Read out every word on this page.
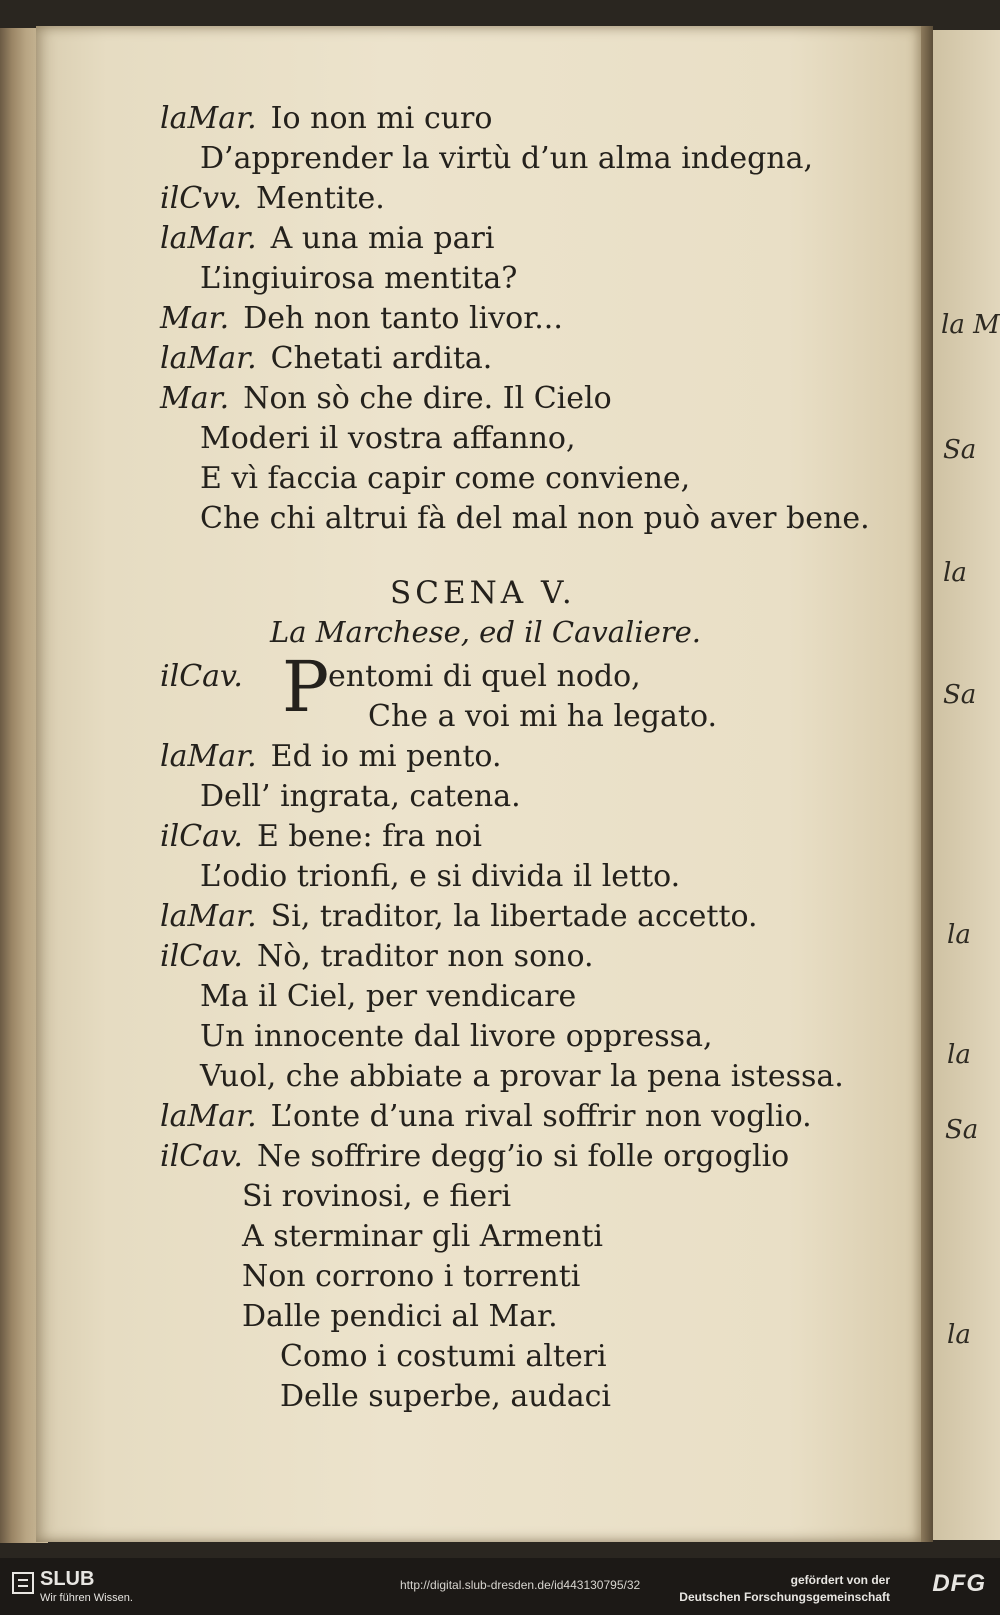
la M
Sa
la
Sa
la
la
Sa
la
laMar. Io non mi curo
D’apprender la virtù d’un alma indegna,
ilCvv. Mentite.
laMar. A una mia pari
L’ingiuirosa mentita?
Mar. Deh non tanto livor...
laMar. Chetati ardita.
Mar. Non sò che dire. Il Cielo
Moderi il vostra affanno,
E vì faccia capir come conviene,
Che chi altrui fà del mal non può aver bene.
SCENA V.
La Marchese, ed il Cavaliere.
ilCav. P
entomi di quel nodo,
Che a voi mi ha legato.
laMar. Ed io mi pento.
Dell’ ingrata, catena.
ilCav. E bene: fra noi
L’odio trionfi, e si divida il letto.
laMar. Si, traditor, la libertade accetto.
ilCav. Nò, traditor non sono.
Ma il Ciel, per vendicare
Un innocente dal livore oppressa,
Vuol, che abbiate a provar la pena istessa.
laMar. L’onte d’una rival soffrir non voglio.
ilCav. Ne soffrire degg’io si folle orgoglio
Si rovinosi, e fieri
A sterminar gli Armenti
Non corrono i torrenti
Dalle pendici al Mar.
Como i costumi alteri
Delle superbe, audaci
SLUB
Wir führen Wissen.
http://digital.slub-dresden.de/id443130795/32	gefördert von der
Deutschen Forschungsgemeinschaft DFG
